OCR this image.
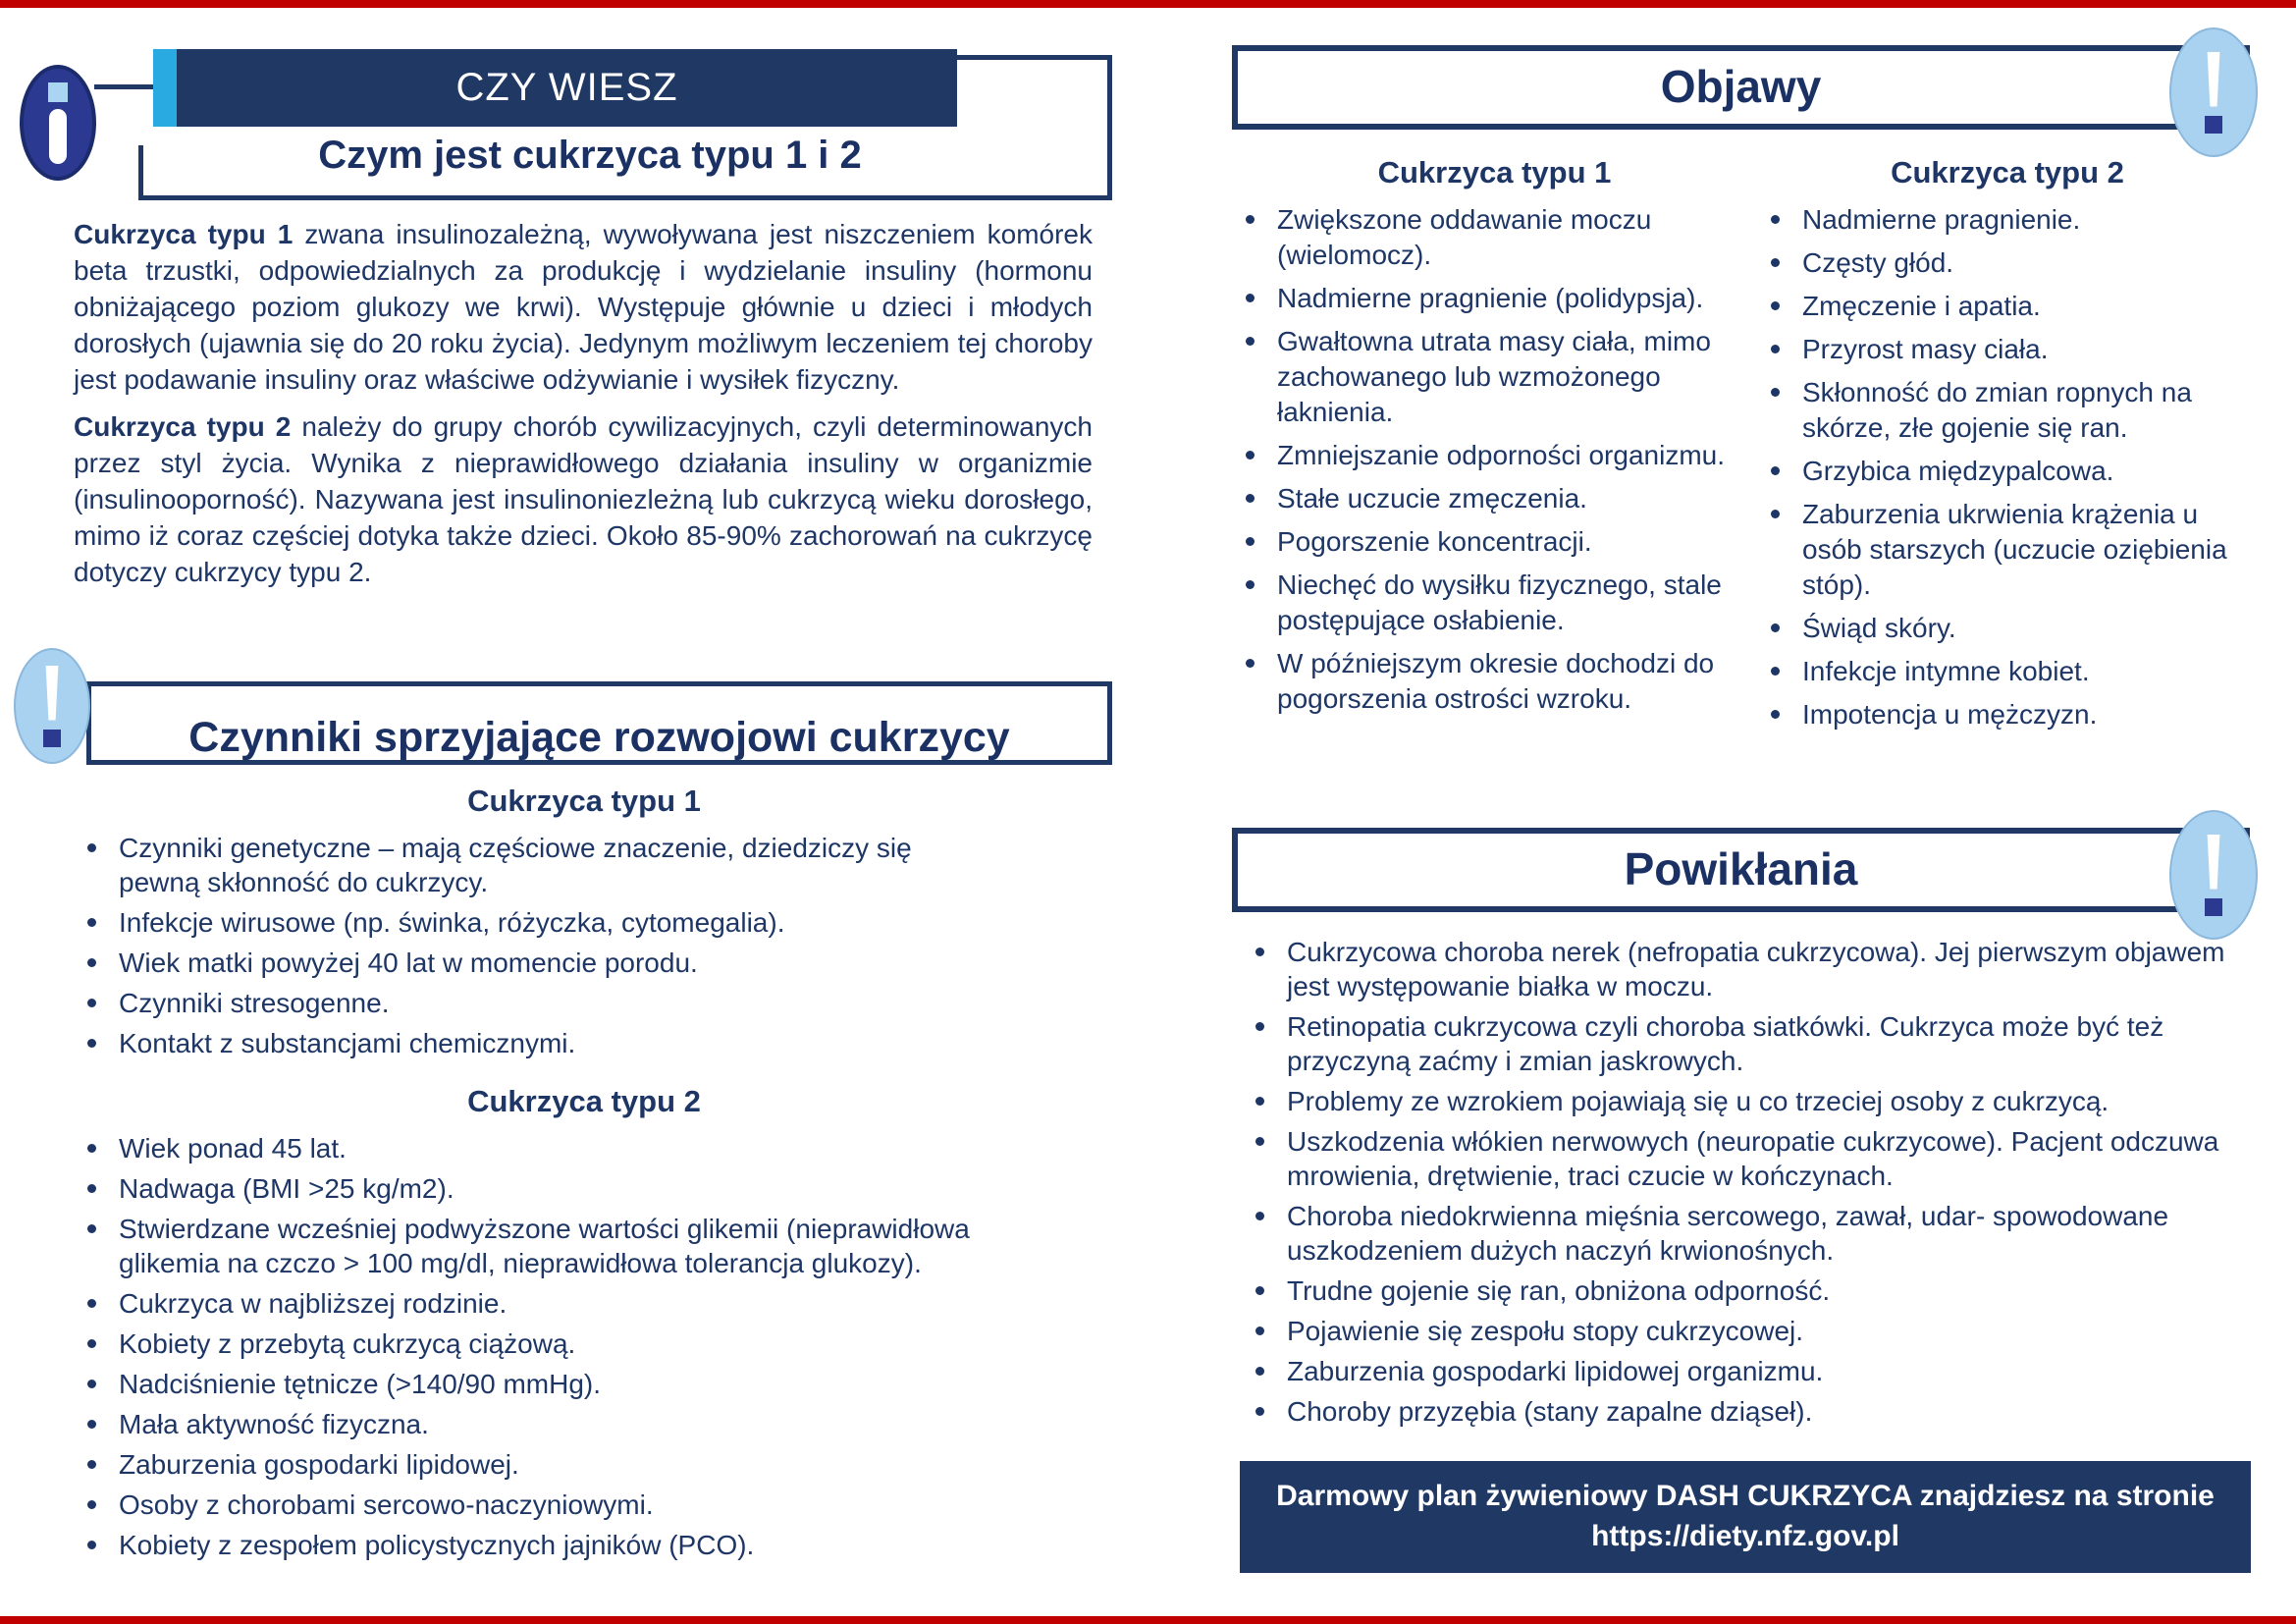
CZY WIESZ
Czym jest cukrzyca typu 1 i 2

Cukrzyca typu 1 zwana insulinozależną, wywoływana jest niszczeniem komórek beta trzustki, odpowiedzialnych za produkcję i wydzielanie insuliny (hormonu obniżającego poziom glukozy we krwi). Występuje głównie u dzieci i młodych dorosłych (ujawnia się do 20 roku życia). Jedynym możliwym leczeniem tej choroby jest podawanie insuliny oraz właściwe odżywianie i wysiłek fizyczny.

Cukrzyca typu 2 należy do grupy chorób cywilizacyjnych, czyli determinowanych przez styl życia. Wynika z nieprawidłowego działania insuliny w organizmie (insulinooporność). Nazywana jest insulinoniezleżną lub cukrzycą wieku dorosłego, mimo iż coraz częściej dotyka także dzieci. Około 85-90% zachorowań na cukrzycę dotyczy cukrzycy typu 2.

Czynniki sprzyjające rozwojowi cukrzycy
Cukrzyca typu 1
Czynniki genetyczne – mają częściowe znaczenie, dziedziczy się pewną skłonność do cukrzycy.
Infekcje wirusowe (np. świnka, różyczka, cytomegalia).
Wiek matki powyżej 40 lat w momencie porodu.
Czynniki stresogenne.
Kontakt z substancjami chemicznymi.
Cukrzyca typu 2
Wiek ponad 45 lat.
Nadwaga (BMI >25 kg/m2).
Stwierdzane wcześniej podwyższone wartości glikemii (nieprawidłowa glikemia na czczo > 100 mg/dl, nieprawidłowa tolerancja glukozy).
Cukrzyca w najbliższej rodzinie.
Kobiety z przebytą cukrzycą ciążową.
Nadciśnienie tętnicze (>140/90 mmHg).
Mała aktywność fizyczna.
Zaburzenia gospodarki lipidowej.
Osoby z chorobami sercowo-naczyniowymi.
Kobiety z zespołem policystycznych jajników (PCO).
Objawy
Cukrzyca typu 1
Zwiększone oddawanie moczu (wielomocz).
Nadmierne pragnienie (polidypsja).
Gwałtowna utrata masy ciała, mimo zachowanego lub wzmożonego łaknienia.
Zmniejszanie odporności organizmu.
Stałe uczucie zmęczenia.
Pogorszenie koncentracji.
Niechęć do wysiłku fizycznego, stale postępujące osłabienie.
W późniejszym okresie dochodzi do pogorszenia ostrości wzroku.
Cukrzyca typu 2
Nadmierne pragnienie.
Częsty głód.
Zmęczenie i apatia.
Przyrost masy ciała.
Skłonność do zmian ropnych na skórze, złe gojenie się ran.
Grzybica międzypalcowa.
Zaburzenia ukrwienia krążenia u osób starszych (uczucie oziębienia stóp).
Świąd skóry.
Infekcje intymne kobiet.
Impotencja u mężczyzn.
Powikłania
Cukrzycowa choroba nerek (nefropatia cukrzycowa). Jej pierwszym objawem jest występowanie białka w moczu.
Retinopatia cukrzycowa czyli choroba siatkówki. Cukrzyca może być też przyczyną zaćmy i zmian jaskrowych.
Problemy ze wzrokiem pojawiają się u co trzeciej osoby z cukrzycą.
Uszkodzenia włókien nerwowych (neuropatie cukrzycowe). Pacjent odczuwa mrowienia, drętwienie, traci czucie w kończynach.
Choroba niedokrwienna mięśnia sercowego, zawał, udar- spowodowane uszkodzeniem dużych naczyń krwionośnych.
Trudne gojenie się ran, obniżona odporność.
Pojawienie się zespołu stopy cukrzycowej.
Zaburzenia gospodarki lipidowej organizmu.
Choroby przyzębia (stany zapalne dziąseł).
Darmowy plan żywieniowy DASH CUKRZYCA znajdziesz na stronie
https://diety.nfz.gov.pl
